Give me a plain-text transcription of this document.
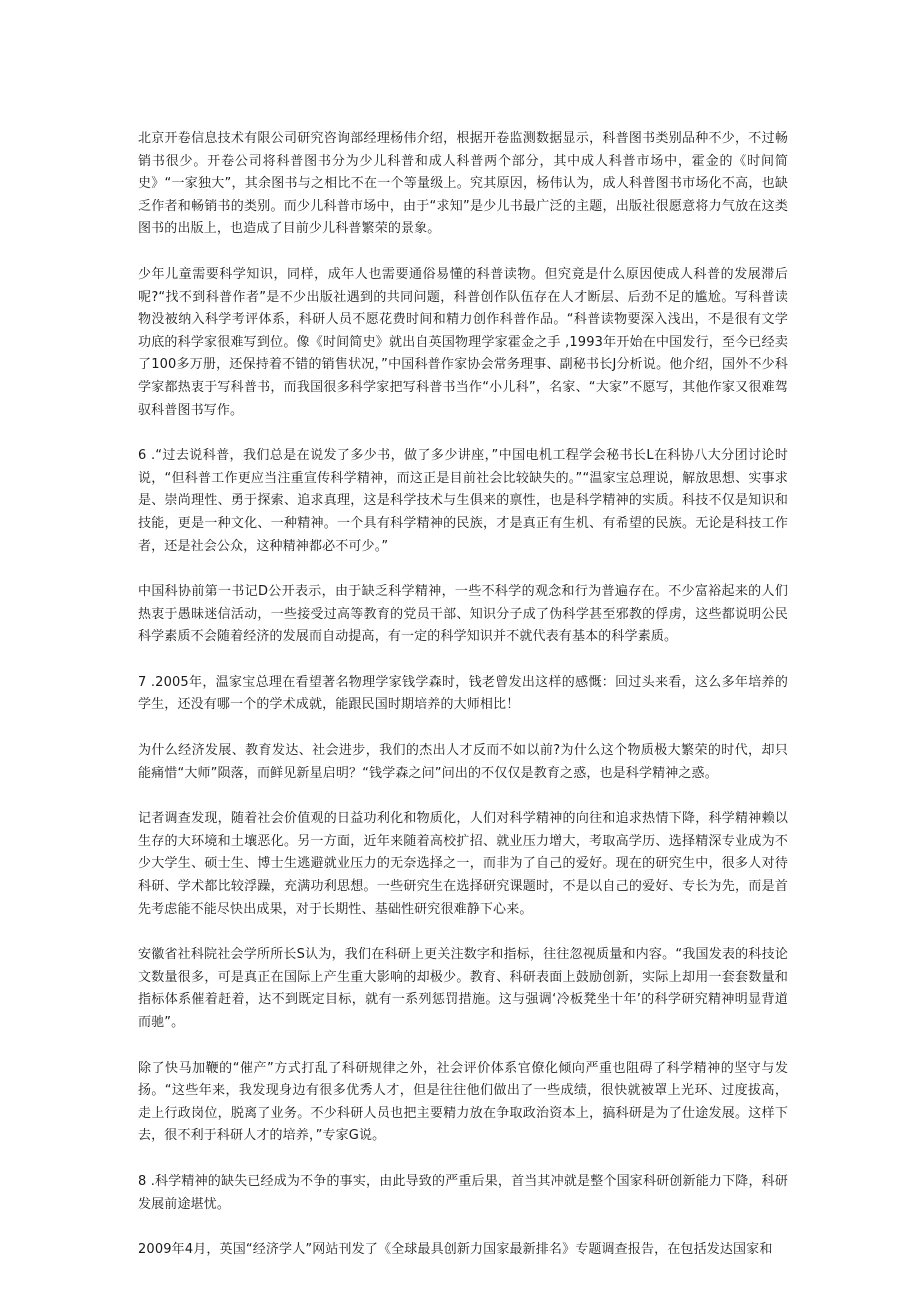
北京开卷信息技术有限公司研究咨询部经理杨伟介绍，根据开卷监测数据显示，科普图书类别品种不少，不过畅销书很少。开卷公司将科普图书分为少儿科普和成人科普两个部分，其中成人科普市场中，霍金的《时间简史》“一家独大”，其余图书与之相比不在一个等量级上。究其原因，杨伟认为，成人科普图书市场化不高，也缺乏作者和畅销书的类别。而少儿科普市场中，由于“求知”是少儿书最广泛的主题，出版社很愿意将力气放在这类图书的出版上，也造成了目前少儿科普繁荣的景象。

少年儿童需要科学知识，同样，成年人也需要通俗易懂的科普读物。但究竟是什么原因使成人科普的发展滞后呢?“找不到科普作者”是不少出版社遇到的共同问题，科普创作队伍存在人才断层、后劲不足的尴尬。写科普读物没被纳入科学考评体系，科研人员不愿花费时间和精力创作科普作品。“科普读物要深入浅出，不是很有文学功底的科学家很难写到位。像《时间简史》就出自英国物理学家霍金之手 ,1993年开始在中国发行，至今已经卖了100多万册，还保持着不错的销售状况，”中国科普作家协会常务理事、副秘书长J分析说。他介绍，国外不少科学家都热衷于写科普书，而我国很多科学家把写科普书当作“小儿科”，名家、“大家”不愿写，其他作家又很难驾驭科普图书写作。

6 .“过去说科普，我们总是在说发了多少书，做了多少讲座，”中国电机工程学会秘书长L在科协八大分团讨论时说，“但科普工作更应当注重宣传科学精神，而这正是目前社会比较缺失的。”“温家宝总理说，解放思想、实事求是、崇尚理性、勇于探索、追求真理，这是科学技术与生俱来的禀性，也是科学精神的实质。科技不仅是知识和技能，更是一种文化、一种精神。一个具有科学精神的民族，才是真正有生机、有希望的民族。无论是科技工作者，还是社会公众，这种精神都必不可少。”

中国科协前第一书记D公开表示，由于缺乏科学精神，一些不科学的观念和行为普遍存在。不少富裕起来的人们热衷于愚昧迷信活动，一些接受过高等教育的党员干部、知识分子成了伪科学甚至邪教的俘虏，这些都说明公民科学素质不会随着经济的发展而自动提高，有一定的科学知识并不就代表有基本的科学素质。

7 .2005年，温家宝总理在看望著名物理学家钱学森时，钱老曾发出这样的感慨：回过头来看，这么多年培养的学生，还没有哪一个的学术成就，能跟民国时期培养的大师相比！

为什么经济发展、教育发达、社会进步，我们的杰出人才反而不如以前?为什么这个物质极大繁荣的时代，却只能痛惜“大师”陨落，而鲜见新星启明？“钱学森之问”问出的不仅仅是教育之惑，也是科学精神之惑。

记者调查发现，随着社会价值观的日益功利化和物质化，人们对科学精神的向往和追求热情下降，科学精神赖以生存的大环境和土壤恶化。另一方面，近年来随着高校扩招、就业压力增大，考取高学历、选择精深专业成为不少大学生、硕士生、博士生逃避就业压力的无奈选择之一，而非为了自己的爱好。现在的研究生中，很多人对待科研、学术都比较浮躁，充满功利思想。一些研究生在选择研究课题时，不是以自己的爱好、专长为先，而是首先考虑能不能尽快出成果，对于长期性、基础性研究很难静下心来。

安徽省社科院社会学所所长S认为，我们在科研上更关注数字和指标，往往忽视质量和内容。“我国发表的科技论文数量很多，可是真正在国际上产生重大影响的却极少。教育、科研表面上鼓励创新，实际上却用一套套数量和指标体系催着赶着，达不到既定目标，就有一系列惩罚措施。这与强调‘冷板凳坐十年’的科学研究精神明显背道而驰”。

除了快马加鞭的“催产”方式打乱了科研规律之外，社会评价体系官僚化倾向严重也阻碍了科学精神的坚守与发扬。“这些年来，我发现身边有很多优秀人才，但是往往他们做出了一些成绩，很快就被罩上光环、过度拔高，走上行政岗位，脱离了业务。不少科研人员也把主要精力放在争取政治资本上，搞科研是为了仕途发展。这样下去，很不利于科研人才的培养，”专家G说。

8 .科学精神的缺失已经成为不争的事实，由此导致的严重后果，首当其冲就是整个国家科研创新能力下降，科研发展前途堪忧。

2009年4月，英国“经济学人”网站刊发了《全球最具创新力国家最新排名》专题调查报告，在包括发达国家和
